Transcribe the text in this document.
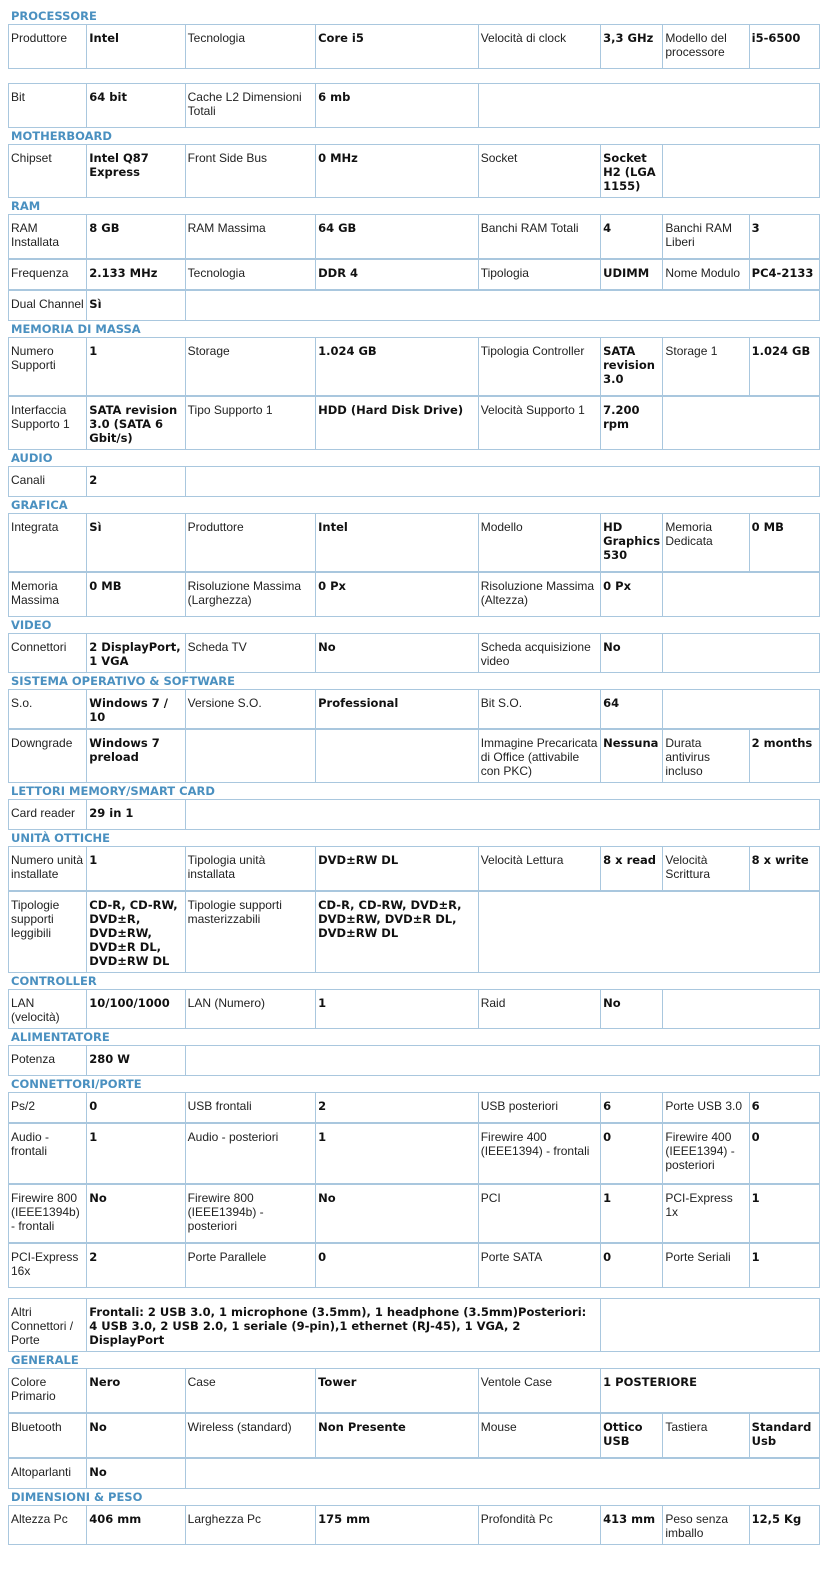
PROCESSORE
Produttore	Intel	Tecnologia	Core i5	Velocità di clock	3,3 GHz	Modello del processore	i5-6500
Bit	64 bit	Cache L2 Dimensioni Totali	6 mb	
MOTHERBOARD
Chipset	Intel Q87 Express	Front Side Bus	0 MHz	Socket	Socket H2 (LGA 1155)	
RAM
RAM Installata	8 GB	RAM Massima	64 GB	Banchi RAM Totali	4	Banchi RAM Liberi	3
Frequenza	2.133 MHz	Tecnologia	DDR 4	Tipologia	UDIMM	Nome Modulo	PC4-2133
Dual Channel	Sì	
MEMORIA DI MASSA
Numero Supporti	1	Storage	1.024 GB	Tipologia Controller	SATA revision 3.0	Storage 1	1.024 GB
Interfaccia Supporto 1	SATA revision 3.0 (SATA 6 Gbit/s)	Tipo Supporto 1	HDD (Hard Disk Drive)	Velocità Supporto 1	7.200 rpm	
AUDIO
Canali	2	
GRAFICA
Integrata	Sì	Produttore	Intel	Modello	HD Graphics 530	Memoria Dedicata	0 MB
Memoria Massima	0 MB	Risoluzione Massima (Larghezza)	0 Px	Risoluzione Massima (Altezza)	0 Px	
VIDEO
Connettori	2 DisplayPort, 1 VGA	Scheda TV	No	Scheda acquisizione video	No	
SISTEMA OPERATIVO & SOFTWARE
S.o.	Windows 7 / 10	Versione S.O.	Professional	Bit S.O.	64	
Downgrade	Windows 7 preload			Immagine Precaricata di Office (attivabile con PKC)	Nessuna	Durata antivirus incluso	2 months
LETTORI MEMORY/SMART CARD
Card reader	29 in 1	
UNITÀ OTTICHE
Numero unità installate	1	Tipologia unità installata	DVD±RW DL	Velocità Lettura	8 x read	Velocità Scrittura	8 x write
Tipologie supporti leggibili	CD-R, CD-RW, DVD±R, DVD±RW, DVD±R DL, DVD±RW DL	Tipologie supporti masterizzabili	CD-R, CD-RW, DVD±R, DVD±RW, DVD±R DL, DVD±RW DL	
CONTROLLER
LAN (velocità)	10/100/1000	LAN (Numero)	1	Raid	No	
ALIMENTATORE
Potenza	280 W	
CONNETTORI/PORTE
Ps/2	0	USB frontali	2	USB posteriori	6	Porte USB 3.0	6
Audio - frontali	1	Audio - posteriori	1	Firewire 400 (IEEE1394) - frontali	0	Firewire 400 (IEEE1394) - posteriori	0
Firewire 800 (IEEE1394b) - frontali	No	Firewire 800 (IEEE1394b) - posteriori	No	PCI	1	PCI-Express 1x	1
PCI-Express 16x	2	Porte Parallele	0	Porte SATA	0	Porte Seriali	1
Altri Connettori / Porte	Frontali: 2 USB 3.0, 1 microphone (3.5mm), 1 headphone (3.5mm)Posteriori: 4 USB 3.0, 2 USB 2.0, 1 seriale (9-pin),1 ethernet (RJ-45), 1 VGA, 2 DisplayPort	
GENERALE
Colore Primario	Nero	Case	Tower	Ventole Case	1 POSTERIORE
Bluetooth	No	Wireless (standard)	Non Presente	Mouse	Ottico USB	Tastiera	Standard Usb
Altoparlanti	No	
DIMENSIONI & PESO
Altezza Pc	406 mm	Larghezza Pc	175 mm	Profondità Pc	413 mm	Peso senza imballo	12,5 Kg
